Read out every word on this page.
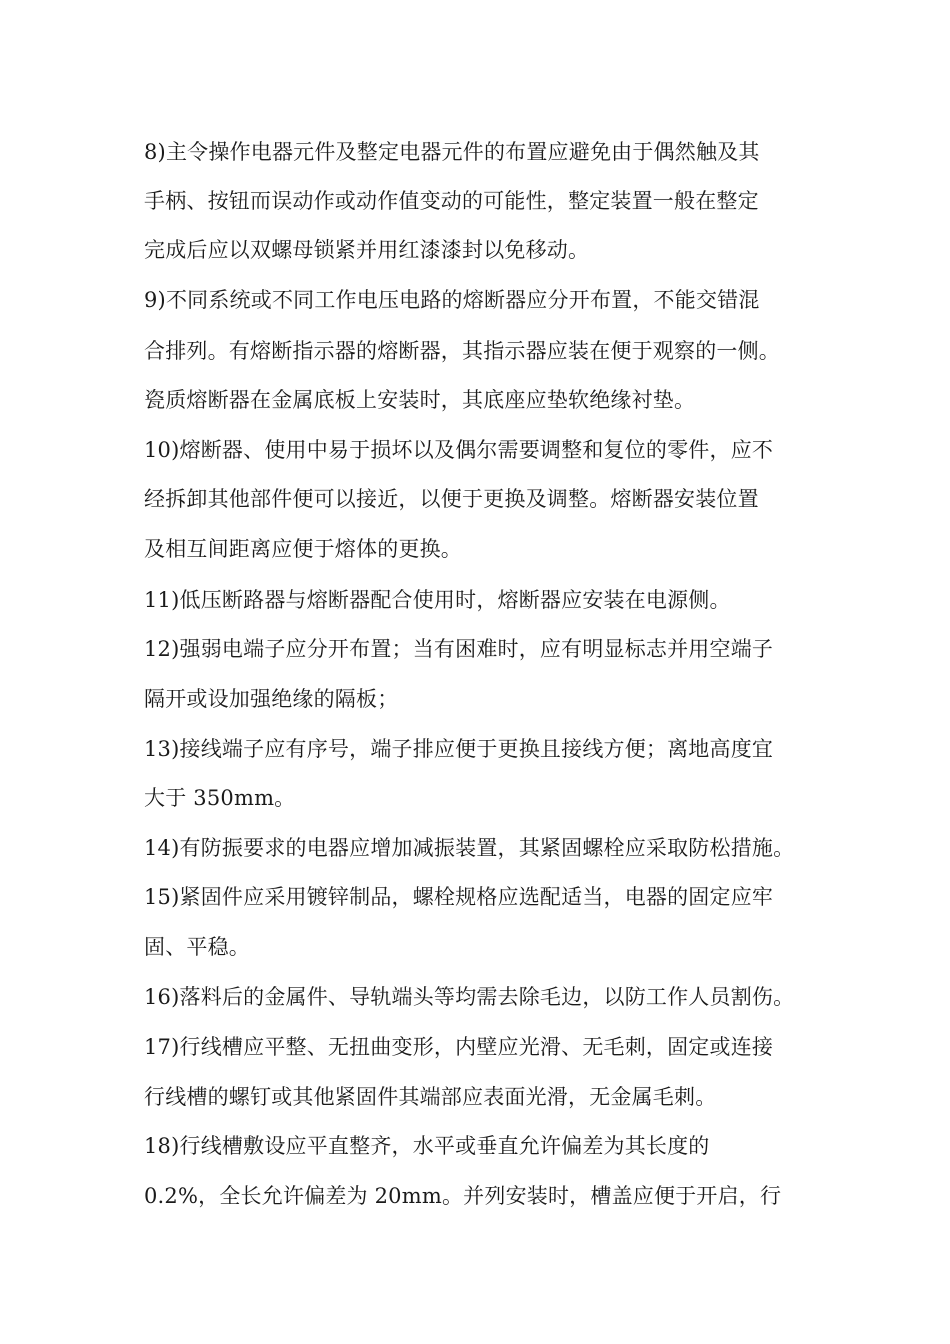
8)主令操作电器元件及整定电器元件的布置应避免由于偶然触及其
手柄、按钮而误动作或动作值变动的可能性，整定装置一般在整定
完成后应以双螺母锁紧并用红漆漆封以免移动。
9)不同系统或不同工作电压电路的熔断器应分开布置，不能交错混
合排列。有熔断指示器的熔断器，其指示器应装在便于观察的一侧。
瓷质熔断器在金属底板上安装时，其底座应垫软绝缘衬垫。
10)熔断器、使用中易于损坏以及偶尔需要调整和复位的零件，应不
经拆卸其他部件便可以接近，以便于更换及调整。熔断器安装位置
及相互间距离应便于熔体的更换。
11)低压断路器与熔断器配合使用时，熔断器应安装在电源侧。
12)强弱电端子应分开布置；当有困难时，应有明显标志并用空端子
隔开或设加强绝缘的隔板；
13)接线端子应有序号，端子排应便于更换且接线方便；离地高度宜
大于 350mm。
14)有防振要求的电器应增加减振装置，其紧固螺栓应采取防松措施。
15)紧固件应采用镀锌制品，螺栓规格应选配适当，电器的固定应牢
固、平稳。
16)落料后的金属件、导轨端头等均需去除毛边，以防工作人员割伤。
17)行线槽应平整、无扭曲变形，内壁应光滑、无毛刺，固定或连接
行线槽的螺钉或其他紧固件其端部应表面光滑，无金属毛刺。
18)行线槽敷设应平直整齐，水平或垂直允许偏差为其长度的
0.2%，全长允许偏差为 20mm。并列安装时，槽盖应便于开启，行
